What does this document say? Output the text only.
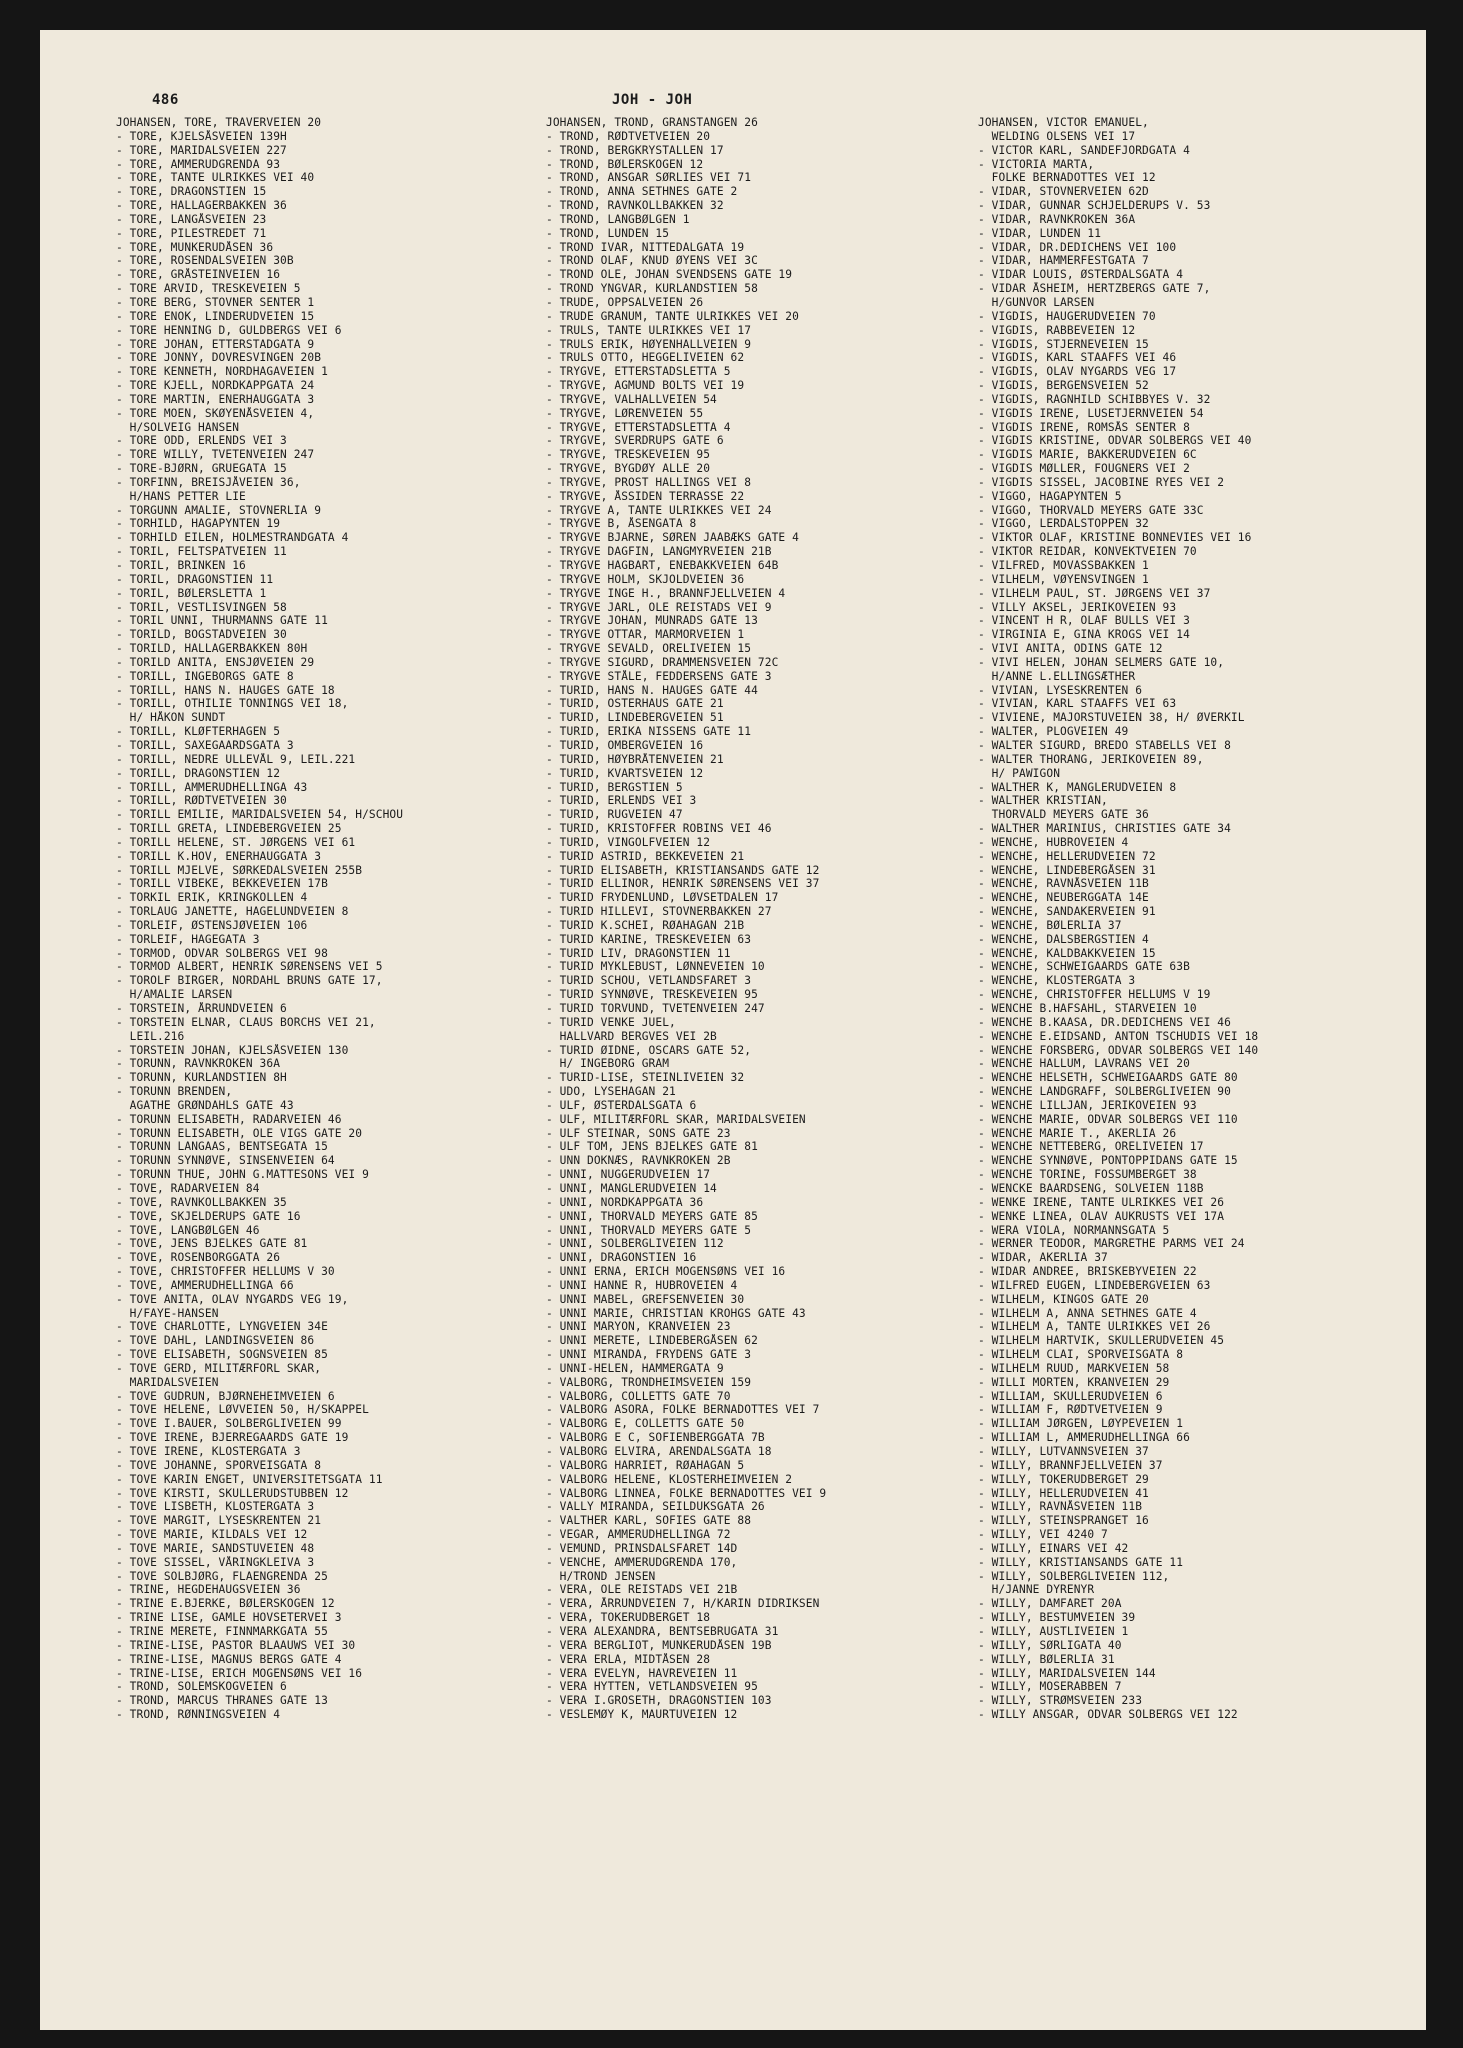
486	JOH - JOH
JOHANSEN, TORE, TRAVERVEIEN 20
- TORE, KJELSÅSVEIEN 139H
- TORE, MARIDALSVEIEN 227
- TORE, AMMERUDGRENDA 93
- TORE, TANTE ULRIKKES VEI 40
- TORE, DRAGONSTIEN 15
- TORE, HALLAGERBAKKEN 36
- TORE, LANGÅSVEIEN 23
- TORE, PILESTREDET 71
- TORE, MUNKERUDÅSEN 36
- TORE, ROSENDALSVEIEN 30B
- TORE, GRÅSTEINVEIEN 16
- TORE ARVID, TRESKEVEIEN 5
- TORE BERG, STOVNER SENTER 1
- TORE ENOK, LINDERUDVEIEN 15
- TORE HENNING D, GULDBERGS VEI 6
- TORE JOHAN, ETTERSTADGATA 9
- TORE JONNY, DOVRESVINGEN 20B
- TORE KENNETH, NORDHAGAVEIEN 1
- TORE KJELL, NORDKAPPGATA 24
- TORE MARTIN, ENERHAUGGATA 3
- TORE MOEN, SKØYENÅSVEIEN 4,
H/SOLVEIG HANSEN
- TORE ODD, ERLENDS VEI 3
- TORE WILLY, TVETENVEIEN 247
- TORE-BJØRN, GRUEGATA 15
- TORFINN, BREISJÅVEIEN 36,
H/HANS PETTER LIE
- TORGUNN AMALIE, STOVNERLIA 9
- TORHILD, HAGAPYNTEN 19
- TORHILD EILEN, HOLMESTRANDGATA 4
- TORIL, FELTSPATVEIEN 11
- TORIL, BRINKEN 16
- TORIL, DRAGONSTIEN 11
- TORIL, BØLERSLETTA 1
- TORIL, VESTLISVINGEN 58
- TORIL UNNI, THURMANNS GATE 11
- TORILD, BOGSTADVEIEN 30
- TORILD, HALLAGERBAKKEN 80H
- TORILD ANITA, ENSJØVEIEN 29
- TORILL, INGEBORGS GATE 8
- TORILL, HANS N. HAUGES GATE 18
- TORILL, OTHILIE TONNINGS VEI 18,
H/ HÅKON SUNDT
- TORILL, KLØFTERHAGEN 5
- TORILL, SAXEGAARDSGATA 3
- TORILL, NEDRE ULLEVÅL 9, LEIL.221
- TORILL, DRAGONSTIEN 12
- TORILL, AMMERUDHELLINGA 43
- TORILL, RØDTVETVEIEN 30
- TORILL EMILIE, MARIDALSVEIEN 54, H/SCHOU
- TORILL GRETA, LINDEBERGVEIEN 25
- TORILL HELENE, ST. JØRGENS VEI 61
- TORILL K.HOV, ENERHAUGGATA 3
- TORILL MJELVE, SØRKEDALSVEIEN 255B
- TORILL VIBEKE, BEKKEVEIEN 17B
- TORKIL ERIK, KRINGKOLLEN 4
- TORLAUG JANETTE, HAGELUNDVEIEN 8
- TORLEIF, ØSTENSJØVEIEN 106
- TORLEIF, HAGEGATA 3
- TORMOD, ODVAR SOLBERGS VEI 98
- TORMOD ALBERT, HENRIK SØRENSENS VEI 5
- TOROLF BIRGER, NORDAHL BRUNS GATE 17,
H/AMALIE LARSEN
- TORSTEIN, ÅRRUNDVEIEN 6
- TORSTEIN ELNAR, CLAUS BORCHS VEI 21,
LEIL.216
- TORSTEIN JOHAN, KJELSÅSVEIEN 130
- TORUNN, RAVNKROKEN 36A
- TORUNN, KURLANDSTIEN 8H
- TORUNN BRENDEN,
AGATHE GRØNDAHLS GATE 43
- TORUNN ELISABETH, RADARVEIEN 46
- TORUNN ELISABETH, OLE VIGS GATE 20
- TORUNN LANGAAS, BENTSEGATA 15
- TORUNN SYNNØVE, SINSENVEIEN 64
- TORUNN THUE, JOHN G.MATTESONS VEI 9
- TOVE, RADARVEIEN 84
- TOVE, RAVNKOLLBAKKEN 35
- TOVE, SKJELDERUPS GATE 16
- TOVE, LANGBØLGEN 46
- TOVE, JENS BJELKES GATE 81
- TOVE, ROSENBORGGATA 26
- TOVE, CHRISTOFFER HELLUMS V 30
- TOVE, AMMERUDHELLINGA 66
- TOVE ANITA, OLAV NYGARDS VEG 19,
H/FAYE-HANSEN
- TOVE CHARLOTTE, LYNGVEIEN 34E
- TOVE DAHL, LANDINGSVEIEN 86
- TOVE ELISABETH, SOGNSVEIEN 85
- TOVE GERD, MILITÆRFORL SKAR,
MARIDALSVEIEN
- TOVE GUDRUN, BJØRNEHEIMVEIEN 6
- TOVE HELENE, LØVVEIEN 50, H/SKAPPEL
- TOVE I.BAUER, SOLBERGLIVEIEN 99
- TOVE IRENE, BJERREGAARDS GATE 19
- TOVE IRENE, KLOSTERGATA 3
- TOVE JOHANNE, SPORVEISGATA 8
- TOVE KARIN ENGET, UNIVERSITETSGATA 11
- TOVE KIRSTI, SKULLERUDSTUBBEN 12
- TOVE LISBETH, KLOSTERGATA 3
- TOVE MARGIT, LYSESKRENTEN 21
- TOVE MARIE, KILDALS VEI 12
- TOVE MARIE, SANDSTUVEIEN 48
- TOVE SISSEL, VÅRINGKLEIVA 3
- TOVE SOLBJØRG, FLAENGRENDA 25
- TRINE, HEGDEHAUGSVEIEN 36
- TRINE E.BJERKE, BØLERSKOGEN 12
- TRINE LISE, GAMLE HOVSETERVEI 3
- TRINE MERETE, FINNMARKGATA 55
- TRINE-LISE, PASTOR BLAAUWS VEI 30
- TRINE-LISE, MAGNUS BERGS GATE 4
- TRINE-LISE, ERICH MOGENSØNS VEI 16
- TROND, SOLEMSKOGVEIEN 6
- TROND, MARCUS THRANES GATE 13
- TROND, RØNNINGSVEIEN 4
JOHANSEN, TROND, GRANSTANGEN 26
- TROND, RØDTVETVEIEN 20
- TROND, BERGKRYSTALLEN 17
- TROND, BØLERSKOGEN 12
- TROND, ANSGAR SØRLIES VEI 71
- TROND, ANNA SETHNES GATE 2
- TROND, RAVNKOLLBAKKEN 32
- TROND, LANGBØLGEN 1
- TROND, LUNDEN 15
- TROND IVAR, NITTEDALGATA 19
- TROND OLAF, KNUD ØYENS VEI 3C
- TROND OLE, JOHAN SVENDSENS GATE 19
- TROND YNGVAR, KURLANDSTIEN 58
- TRUDE, OPPSALVEIEN 26
- TRUDE GRANUM, TANTE ULRIKKES VEI 20
- TRULS, TANTE ULRIKKES VEI 17
- TRULS ERIK, HØYENHALLVEIEN 9
- TRULS OTTO, HEGGELIVEIEN 62
- TRYGVE, ETTERSTADSLETTA 5
- TRYGVE, AGMUND BOLTS VEI 19
- TRYGVE, VALHALLVEIEN 54
- TRYGVE, LØRENVEIEN 55
- TRYGVE, ETTERSTADSLETTA 4
- TRYGVE, SVERDRUPS GATE 6
- TRYGVE, TRESKEVEIEN 95
- TRYGVE, BYGDØY ALLE 20
- TRYGVE, PROST HALLINGS VEI 8
- TRYGVE, ÅSSIDEN TERRASSE 22
- TRYGVE A, TANTE ULRIKKES VEI 24
- TRYGVE B, ÅSENGATA 8
- TRYGVE BJARNE, SØREN JAABÆKS GATE 4
- TRYGVE DAGFIN, LANGMYRVEIEN 21B
- TRYGVE HAGBART, ENEBAKKVEIEN 64B
- TRYGVE HOLM, SKJOLDVEIEN 36
- TRYGVE INGE H., BRANNFJELLVEIEN 4
- TRYGVE JARL, OLE REISTADS VEI 9
- TRYGVE JOHAN, MUNRADS GATE 13
- TRYGVE OTTAR, MARMORVEIEN 1
- TRYGVE SEVALD, ORELIVEIEN 15
- TRYGVE SIGURD, DRAMMENSVEIEN 72C
- TRYGVE STÅLE, FEDDERSENS GATE 3
- TURID, HANS N. HAUGES GATE 44
- TURID, OSTERHAUS GATE 21
- TURID, LINDEBERGVEIEN 51
- TURID, ERIKA NISSENS GATE 11
- TURID, OMBERGVEIEN 16
- TURID, HØYBRÅTENVEIEN 21
- TURID, KVARTSVEIEN 12
- TURID, BERGSTIEN 5
- TURID, ERLENDS VEI 3
- TURID, RUGVEIEN 47
- TURID, KRISTOFFER ROBINS VEI 46
- TURID, VINGOLFVEIEN 12
- TURID ASTRID, BEKKEVEIEN 21
- TURID ELISABETH, KRISTIANSANDS GATE 12
- TURID ELLINOR, HENRIK SØRENSENS VEI 37
- TURID FRYDENLUND, LØVSETDALEN 17
- TURID HILLEVI, STOVNERBAKKEN 27
- TURID K.SCHEI, RØAHAGAN 21B
- TURID KARINE, TRESKEVEIEN 63
- TURID LIV, DRAGONSTIEN 11
- TURID MYKLEBUST, LØNNEVEIEN 10
- TURID SCHOU, VETLANDSFARET 3
- TURID SYNNØVE, TRESKEVEIEN 95
- TURID TORVUND, TVETENVEIEN 247
- TURID VENKE JUEL,
HALLVARD BERGVES VEI 2B
- TURID ØIDNE, OSCARS GATE 52,
H/ INGEBORG GRAM
- TURID-LISE, STEINLIVEIEN 32
- UDO, LYSEHAGAN 21
- ULF, ØSTERDALSGATA 6
- ULF, MILITÆRFORL SKAR, MARIDALSVEIEN
- ULF STEINAR, SONS GATE 23
- ULF TOM, JENS BJELKES GATE 81
- UNN DOKNÆS, RAVNKROKEN 2B
- UNNI, NUGGERUDVEIEN 17
- UNNI, MANGLERUDVEIEN 14
- UNNI, NORDKAPPGATA 36
- UNNI, THORVALD MEYERS GATE 85
- UNNI, THORVALD MEYERS GATE 5
- UNNI, SOLBERGLIVEIEN 112
- UNNI, DRAGONSTIEN 16
- UNNI ERNA, ERICH MOGENSØNS VEI 16
- UNNI HANNE R, HUBROVEIEN 4
- UNNI MABEL, GREFSENVEIEN 30
- UNNI MARIE, CHRISTIAN KROHGS GATE 43
- UNNI MARYON, KRANVEIEN 23
- UNNI MERETE, LINDEBERGÅSEN 62
- UNNI MIRANDA, FRYDENS GATE 3
- UNNI-HELEN, HAMMERGATA 9
- VALBORG, TRONDHEIMSVEIEN 159
- VALBORG, COLLETTS GATE 70
- VALBORG ASORA, FOLKE BERNADOTTES VEI 7
- VALBORG E, COLLETTS GATE 50
- VALBORG E C, SOFIENBERGGATA 7B
- VALBORG ELVIRA, ARENDALSGATA 18
- VALBORG HARRIET, RØAHAGAN 5
- VALBORG HELENE, KLOSTERHEIMVEIEN 2
- VALBORG LINNEA, FOLKE BERNADOTTES VEI 9
- VALLY MIRANDA, SEILDUKSGATA 26
- VALTHER KARL, SOFIES GATE 88
- VEGAR, AMMERUDHELLINGA 72
- VEMUND, PRINSDALSFARET 14D
- VENCHE, AMMERUDGRENDA 170,
H/TROND JENSEN
- VERA, OLE REISTADS VEI 21B
- VERA, ÅRRUNDVEIEN 7, H/KARIN DIDRIKSEN
- VERA, TOKERUDBERGET 18
- VERA ALEXANDRA, BENTSEBRUGATA 31
- VERA BERGLIOT, MUNKERUDÅSEN 19B
- VERA ERLA, MIDTÅSEN 28
- VERA EVELYN, HAVREVEIEN 11
- VERA HYTTEN, VETLANDSVEIEN 95
- VERA I.GROSETH, DRAGONSTIEN 103
- VESLEMØY K, MAURTUVEIEN 12
JOHANSEN, VICTOR EMANUEL,
WELDING OLSENS VEI 17
- VICTOR KARL, SANDEFJORDGATA 4
- VICTORIA MARTA,
FOLKE BERNADOTTES VEI 12
- VIDAR, STOVNERVEIEN 62D
- VIDAR, GUNNAR SCHJELDERUPS V. 53
- VIDAR, RAVNKROKEN 36A
- VIDAR, LUNDEN 11
- VIDAR, DR.DEDICHENS VEI 100
- VIDAR, HAMMERFESTGATA 7
- VIDAR LOUIS, ØSTERDALSGATA 4
- VIDAR ÅSHEIM, HERTZBERGS GATE 7,
H/GUNVOR LARSEN
- VIGDIS, HAUGERUDVEIEN 70
- VIGDIS, RABBEVEIEN 12
- VIGDIS, STJERNEVEIEN 15
- VIGDIS, KARL STAAFFS VEI 46
- VIGDIS, OLAV NYGARDS VEG 17
- VIGDIS, BERGENSVEIEN 52
- VIGDIS, RAGNHILD SCHIBBYES V. 32
- VIGDIS IRENE, LUSETJERNVEIEN 54
- VIGDIS IRENE, ROMSÅS SENTER 8
- VIGDIS KRISTINE, ODVAR SOLBERGS VEI 40
- VIGDIS MARIE, BAKKERUDVEIEN 6C
- VIGDIS MØLLER, FOUGNERS VEI 2
- VIGDIS SISSEL, JACOBINE RYES VEI 2
- VIGGO, HAGAPYNTEN 5
- VIGGO, THORVALD MEYERS GATE 33C
- VIGGO, LERDALSTOPPEN 32
- VIKTOR OLAF, KRISTINE BONNEVIES VEI 16
- VIKTOR REIDAR, KONVEKTVEIEN 70
- VILFRED, MOVASSBAKKEN 1
- VILHELM, VØYENSVINGEN 1
- VILHELM PAUL, ST. JØRGENS VEI 37
- VILLY AKSEL, JERIKOVEIEN 93
- VINCENT H R, OLAF BULLS VEI 3
- VIRGINIA E, GINA KROGS VEI 14
- VIVI ANITA, ODINS GATE 12
- VIVI HELEN, JOHAN SELMERS GATE 10,
H/ANNE L.ELLINGSÆTHER
- VIVIAN, LYSESKRENTEN 6
- VIVIAN, KARL STAAFFS VEI 63
- VIVIENE, MAJORSTUVEIEN 38, H/ ØVERKIL
- WALTER, PLOGVEIEN 49
- WALTER SIGURD, BREDO STABELLS VEI 8
- WALTER THORANG, JERIKOVEIEN 89,
H/ PAWIGON
- WALTHER K, MANGLERUDVEIEN 8
- WALTHER KRISTIAN,
THORVALD MEYERS GATE 36
- WALTHER MARINIUS, CHRISTIES GATE 34
- WENCHE, HUBROVEIEN 4
- WENCHE, HELLERUDVEIEN 72
- WENCHE, LINDEBERGÅSEN 31
- WENCHE, RAVNÅSVEIEN 11B
- WENCHE, NEUBERGGATA 14E
- WENCHE, SANDAKERVEIEN 91
- WENCHE, BØLERLIA 37
- WENCHE, DALSBERGSTIEN 4
- WENCHE, KALDBAKKVEIEN 15
- WENCHE, SCHWEIGAARDS GATE 63B
- WENCHE, KLOSTERGATA 3
- WENCHE, CHRISTOFFER HELLUMS V 19
- WENCHE B.HAFSAHL, STARVEIEN 10
- WENCHE B.KAASA, DR.DEDICHENS VEI 46
- WENCHE E.EIDSAND, ANTON TSCHUDIS VEI 18
- WENCHE FORSBERG, ODVAR SOLBERGS VEI 140
- WENCHE HALLUM, LAVRANS VEI 20
- WENCHE HELSETH, SCHWEIGAARDS GATE 80
- WENCHE LANDGRAFF, SOLBERGLIVEIEN 90
- WENCHE LILLJAN, JERIKOVEIEN 93
- WENCHE MARIE, ODVAR SOLBERGS VEI 110
- WENCHE MARIE T., AKERLIA 26
- WENCHE NETTEBERG, ORELIVEIEN 17
- WENCHE SYNNØVE, PONTOPPIDANS GATE 15
- WENCHE TORINE, FOSSUMBERGET 38
- WENCKE BAARDSENG, SOLVEIEN 118B
- WENKE IRENE, TANTE ULRIKKES VEI 26
- WENKE LINEA, OLAV AUKRUSTS VEI 17A
- WERA VIOLA, NORMANNSGATA 5
- WERNER TEODOR, MARGRETHE PARMS VEI 24
- WIDAR, AKERLIA 37
- WIDAR ANDREE, BRISKEBYVEIEN 22
- WILFRED EUGEN, LINDEBERGVEIEN 63
- WILHELM, KINGOS GATE 20
- WILHELM A, ANNA SETHNES GATE 4
- WILHELM A, TANTE ULRIKKES VEI 26
- WILHELM HARTVIK, SKULLERUDVEIEN 45
- WILHELM CLAI, SPORVEISGATA 8
- WILHELM RUUD, MARKVEIEN 58
- WILLI MORTEN, KRANVEIEN 29
- WILLIAM, SKULLERUDVEIEN 6
- WILLIAM F, RØDTVETVEIEN 9
- WILLIAM JØRGEN, LØYPEVEIEN 1
- WILLIAM L, AMMERUDHELLINGA 66
- WILLY, LUTVANNSVEIEN 37
- WILLY, BRANNFJELLVEIEN 37
- WILLY, TOKERUDBERGET 29
- WILLY, HELLERUDVEIEN 41
- WILLY, RAVNÅSVEIEN 11B
- WILLY, STEINSPRANGET 16
- WILLY, VEI 4240 7
- WILLY, EINARS VEI 42
- WILLY, KRISTIANSANDS GATE 11
- WILLY, SOLBERGLIVEIEN 112,
H/JANNE DYRENYR
- WILLY, DAMFARET 20A
- WILLY, BESTUMVEIEN 39
- WILLY, AUSTLIVEIEN 1
- WILLY, SØRLIGATA 40
- WILLY, BØLERLIA 31
- WILLY, MARIDALSVEIEN 144
- WILLY, MOSERABBEN 7
- WILLY, STRØMSVEIEN 233
- WILLY ANSGAR, ODVAR SOLBERGS VEI 122
